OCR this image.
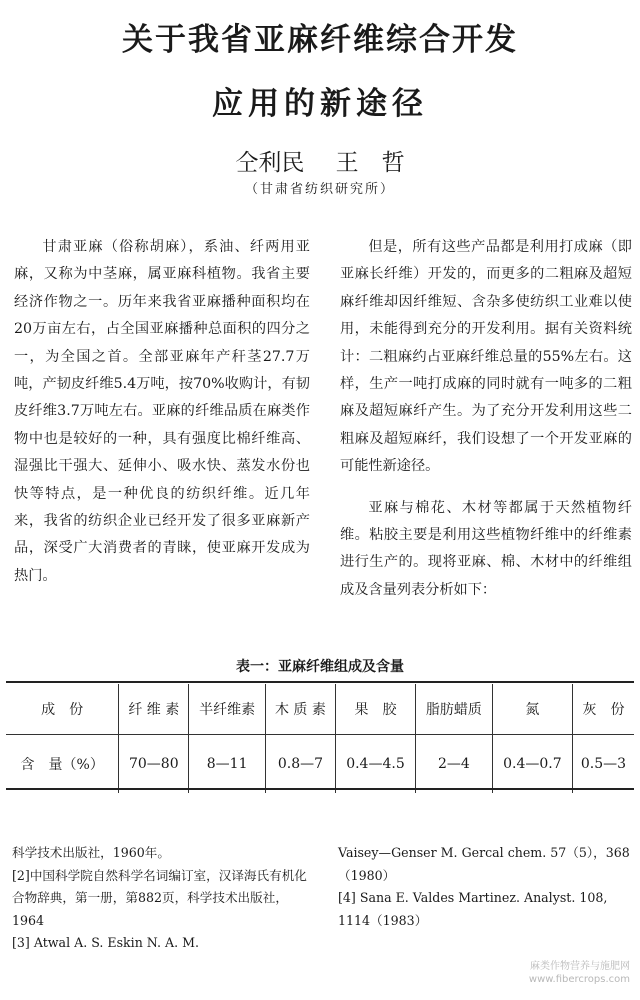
关于我省亚麻纤维综合开发
应用的新途径
仝利民 王　哲
（甘肃省纺织研究所）

甘肃亚麻（俗称胡麻），系油、纤两用亚麻，又称为中茎麻，属亚麻科植物。我省主要经济作物之一。历年来我省亚麻播种面积均在20万亩左右，占全国亚麻播种总面积的四分之一，为全国之首。全部亚麻年产秆茎27.7万吨，产韧皮纤维5.4万吨，按70%收购计，有韧皮纤维3.7万吨左右。亚麻的纤维品质在麻类作物中也是较好的一种，具有强度比棉纤维高、湿强比干强大、延伸小、吸水快、蒸发水份也快等特点，是一种优良的纺织纤维。近几年来，我省的纺织企业已经开发了很多亚麻新产品，深受广大消费者的青睐，使亚麻开发成为热门。

但是，所有这些产品都是利用打成麻（即亚麻长纤维）开发的，而更多的二粗麻及超短麻纤维却因纤维短、含杂多使纺织工业难以使用，未能得到充分的开发利用。据有关资料统计：二粗麻约占亚麻纤维总量的55%左右。这样，生产一吨打成麻的同时就有一吨多的二粗麻及超短麻纤产生。为了充分开发利用这些二粗麻及超短麻纤，我们设想了一个开发亚麻的可能性新途径。

亚麻与棉花、木材等都属于天然植物纤维。粘胶主要是利用这些植物纤维中的纤维素进行生产的。现将亚麻、棉、木材中的纤维组成及含量列表分析如下：

表一：亚麻纤维组成及含量
成　份	纤 维 素	半纤维素	木 质 素	果　胶	脂肪蜡质	氮	灰　份
含　量（%）	70—80	8—11	0.8—7	0.4—4.5	2—4	0.4—0.7	0.5—3
科学技术出版社，1960年。
[2]中国科学院自然科学名词编订室，汉译海氏有机化合物辞典，第一册，第882页，科学技术出版社，1964
[3] Atwal A. S. Eskin N. A. M.
Vaisey—Genser M. Gercal chem. 57（5），368（1980）
[4] Sana E. Valdes Martinez. Analyst. 108, 1114（1983）
麻类作物营养与施肥网
www.fibercrops.com
